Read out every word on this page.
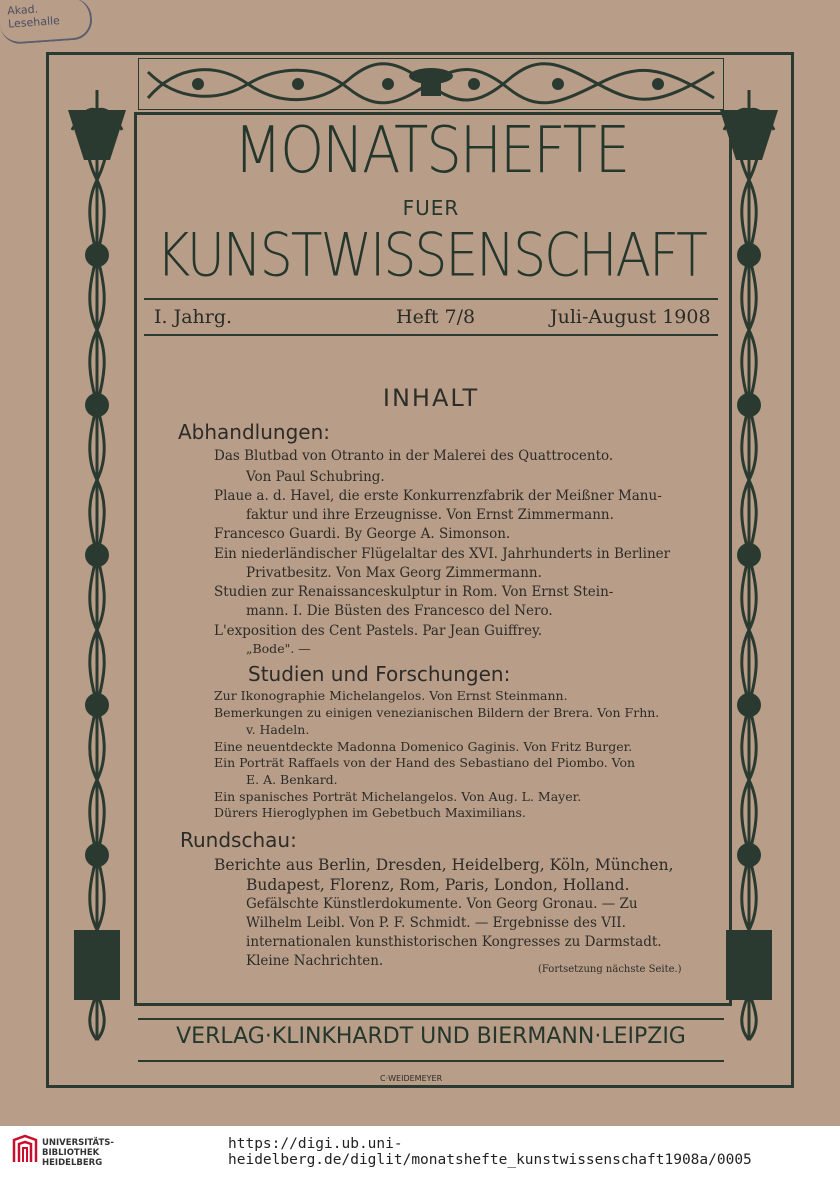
Akad.
Lesehalle
MONATSHEFTE
FUER
KUNSTWISSENSCHAFT
I. Jahrg.	Heft 7/8	Juli-August 1908
INHALT
Abhandlungen:
Das Blutbad von Otranto in der Malerei des Quattrocento.
Von Paul Schubring.
Plaue a. d. Havel, die erste Konkurrenzfabrik der Meißner Manu-
faktur und ihre Erzeugnisse. Von Ernst Zimmermann.
Francesco Guardi. By George A. Simonson.
Ein niederländischer Flügelaltar des XVI. Jahrhunderts in Berliner
Privatbesitz. Von Max Georg Zimmermann.
Studien zur Renaissanceskulptur in Rom. Von Ernst Stein-
mann. I. Die Büsten des Francesco del Nero.
L'exposition des Cent Pastels. Par Jean Guiffrey.
„Bode". —
Studien und Forschungen:
Zur Ikonographie Michelangelos. Von Ernst Steinmann.
Bemerkungen zu einigen venezianischen Bildern der Brera. Von Frhn.
v. Hadeln.
Eine neuentdeckte Madonna Domenico Gaginis. Von Fritz Burger.
Ein Porträt Raffaels von der Hand des Sebastiano del Piombo. Von
E. A. Benkard.
Ein spanisches Porträt Michelangelos. Von Aug. L. Mayer.
Dürers Hieroglyphen im Gebetbuch Maximilians.
Rundschau:
Berichte aus Berlin, Dresden, Heidelberg, Köln, München,
Budapest, Florenz, Rom, Paris, London, Holland.
Gefälschte Künstlerdokumente. Von Georg Gronau. — Zu
Wilhelm Leibl. Von P. F. Schmidt. — Ergebnisse des VII.
internationalen kunsthistorischen Kongresses zu Darmstadt.
Kleine Nachrichten.
(Fortsetzung nächste Seite.)
VERLAG·KLINKHARDT UND BIERMANN·LEIPZIG
C·WEIDEMEYER
UNIVERSITÄTS-
BIBLIOTHEK
HEIDELBERG
https://digi.ub.uni-heidelberg.de/diglit/monatshefte_kunstwissenschaft1908a/0005
